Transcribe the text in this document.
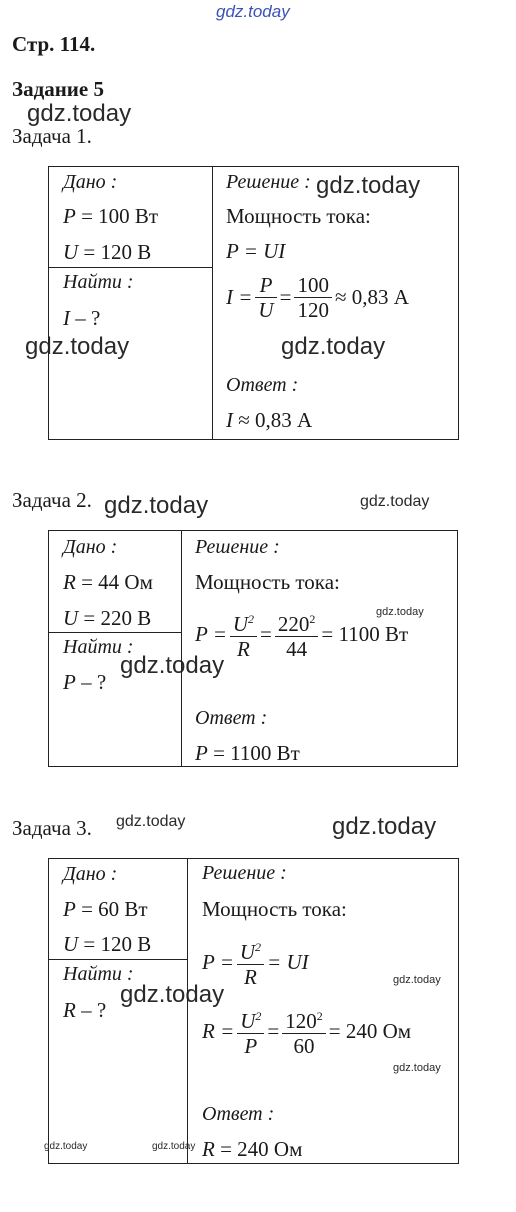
gdz.today
gdz.today
gdz.today
gdz.today	gdz.today
gdz.today	gdz.today
gdz.today
gdz.today
gdz.today	gdz.today
gdz.today
gdz.today
gdz.today
gdz.today	gdz.today
Стр. 114.
Задание 5
Задача 1.
Дано :
P = 100 Вт
U = 120 В
Найти :
I – ?
Решение :
Мощность тока:
P = UI
$I = \frac{P}{U} = \frac{100}{120} \approx 0,83$ А
Ответ :
I ≈ 0,83 А
Задача 2.
Дано :
R = 44 Ом
U = 220 В
Найти :
P – ?
Решение :
Мощность тока:
$P = \frac{U^2}{R} = \frac{220^2}{44} = 1100$ Вт
Ответ :
P = 1100 Вт
Задача 3.
Дано :
P = 60 Вт
U = 120 В
Найти :
R – ?
Решение :
Мощность тока:
$P = \frac{U^2}{R}$ = UI
$R = \frac{U^2}{P} = \frac{120^2}{60} = 240$ Ом
Ответ :
R = 240 Ом
